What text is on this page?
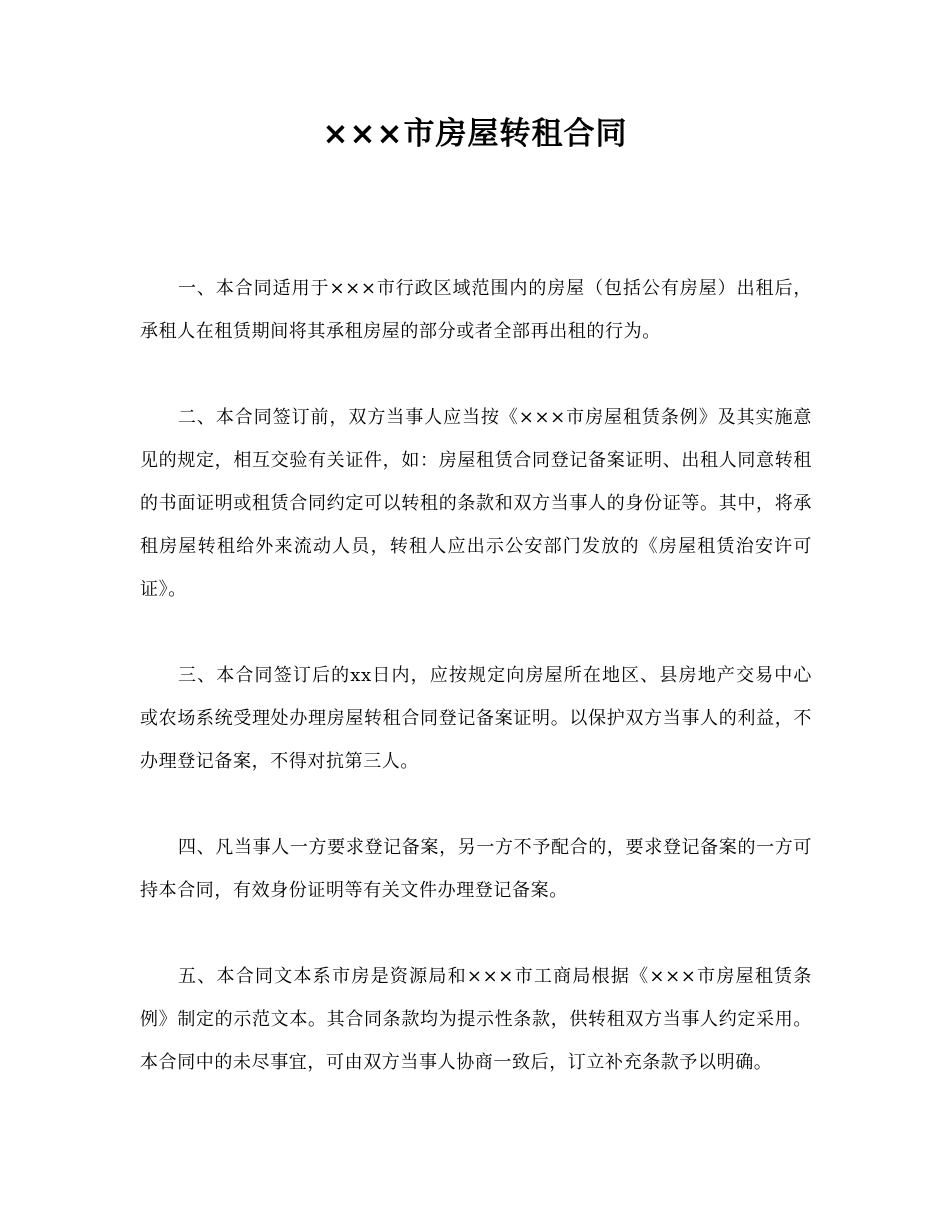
×××市房屋转租合同

一、本合同适用于×××市行政区域范围内的房屋（包括公有房屋）出租后，承租人在租赁期间将其承租房屋的部分或者全部再出租的行为。

二、本合同签订前，双方当事人应当按《×××市房屋租赁条例》及其实施意见的规定，相互交验有关证件，如：房屋租赁合同登记备案证明、出租人同意转租的书面证明或租赁合同约定可以转租的条款和双方当事人的身份证等。其中，将承租房屋转租给外来流动人员，转租人应出示公安部门发放的《房屋租赁治安许可证》。

三、本合同签订后的xx日内，应按规定向房屋所在地区、县房地产交易中心或农场系统受理处办理房屋转租合同登记备案证明。以保护双方当事人的利益，不办理登记备案，不得对抗第三人。

四、凡当事人一方要求登记备案，另一方不予配合的，要求登记备案的一方可持本合同，有效身份证明等有关文件办理登记备案。

五、本合同文本系市房是资源局和×××市工商局根据《×××市房屋租赁条例》制定的示范文本。其合同条款均为提示性条款，供转租双方当事人约定采用。本合同中的未尽事宜，可由双方当事人协商一致后，订立补充条款予以明确。
